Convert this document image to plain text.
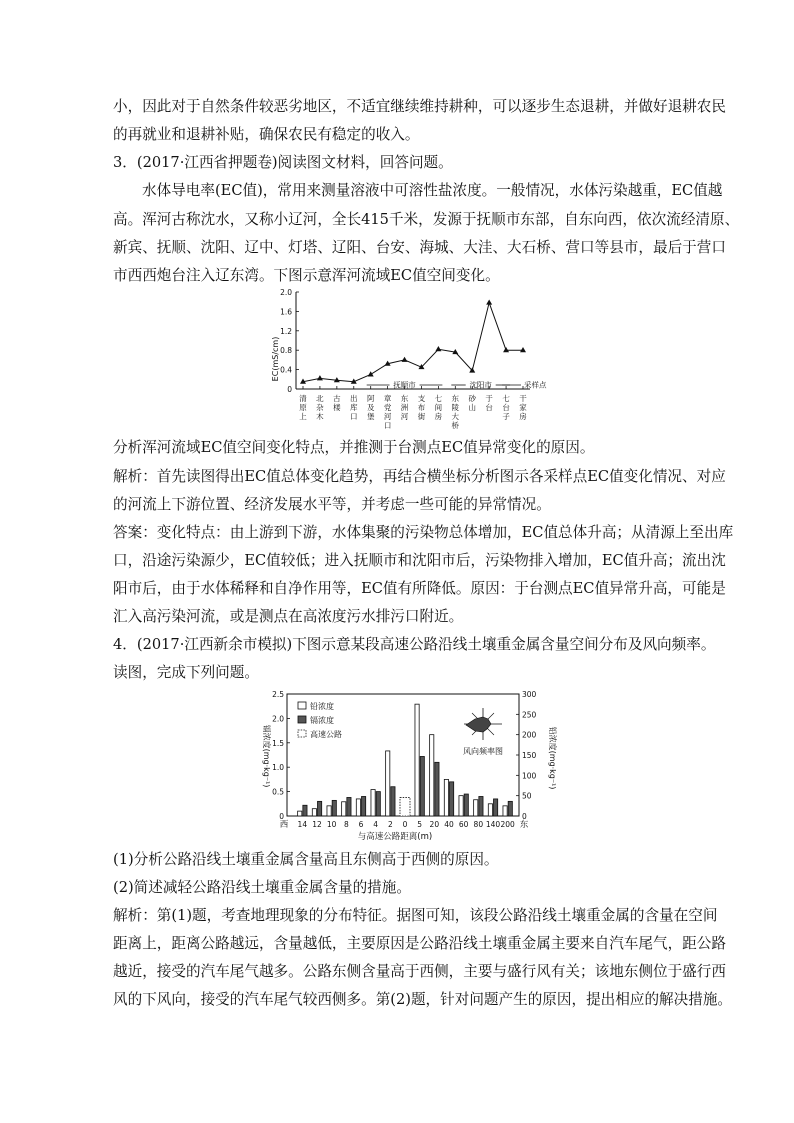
小，因此对于自然条件较恶劣地区，不适宜继续维持耕种，可以逐步生态退耕，并做好退耕农民
的再就业和退耕补贴，确保农民有稳定的收入。
3．(2017·江西省押题卷)阅读图文材料，回答问题。
水体导电率(EC值)，常用来测量溶液中可溶性盐浓度。一般情况，水体污染越重，EC值越
高。浑河古称沈水，又称小辽河，全长415千米，发源于抚顺市东部，自东向西，依次流经清原、
新宾、抚顺、沈阳、辽中、灯塔、辽阳、台安、海城、大洼、大石桥、营口等县市，最后于营口
市西西炮台注入辽东湾。下图示意浑河流域EC值空间变化。
EC(mS/cm)
0
0.4
0.8
1.2
1.6
2.0
清原上
北杂木
古楼
出库口
阿及堡
章党河口
东洲河
支布街
七间房
东陵大桥
砂山
于台
七台子
干家房
抚顺市	沈阳市	采样点
分析浑河流域EC值空间变化特点，并推测于台测点EC值异常变化的原因。
解析：首先读图得出EC值总体变化趋势，再结合横坐标分析图示各采样点EC值变化情况、对应
的河流上下游位置、经济发展水平等，并考虑一些可能的异常情况。
答案：变化特点：由上游到下游，水体集聚的污染物总体增加，EC值总体升高；从清源上至出库
口，沿途污染源少，EC值较低；进入抚顺市和沈阳市后，污染物排入增加，EC值升高；流出沈
阳市后，由于水体稀释和自净作用等，EC值有所降低。原因：于台测点EC值异常升高，可能是
汇入高污染河流，或是测点在高浓度污水排污口附近。
4．(2017·江西新余市模拟)下图示意某段高速公路沿线土壤重金属含量空间分布及风向频率。
读图，完成下列问题。
镉浓度(mg·kg⁻¹)	铅浓度(mg·kg⁻¹)
0
0.5
1.0
1.5
2.0
2.5
0
50
100
150
200
250
300
14 12 10 8 6 4 2 0 5 20 40 60 80 140 200
西	东
与高速公路距离(m)
铅浓度
镉浓度
高速公路
风向频率图
(1)分析公路沿线土壤重金属含量高且东侧高于西侧的原因。
(2)简述减轻公路沿线土壤重金属含量的措施。
解析：第(1)题，考查地理现象的分布特征。据图可知，该段公路沿线土壤重金属的含量在空间
距离上，距离公路越远，含量越低，主要原因是公路沿线土壤重金属主要来自汽车尾气，距公路
越近，接受的汽车尾气越多。公路东侧含量高于西侧，主要与盛行风有关；该地东侧位于盛行西
风的下风向，接受的汽车尾气较西侧多。第(2)题，针对问题产生的原因，提出相应的解决措施。
